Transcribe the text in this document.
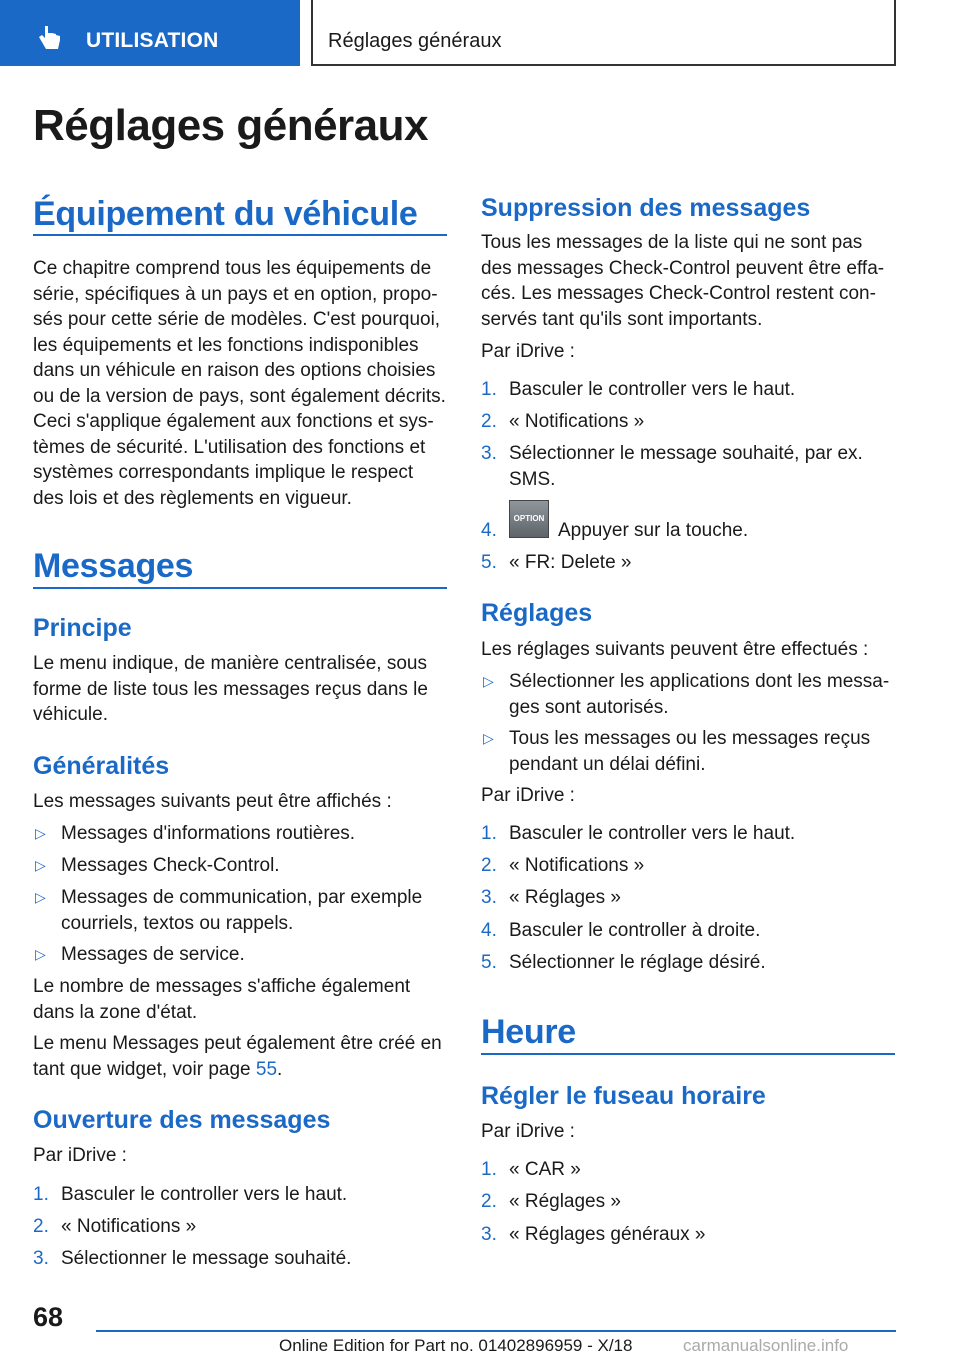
UTILISATION	Réglages généraux
Réglages généraux
Équipement du véhicule
Ce chapitre comprend tous les équipements de
série, spécifiques à un pays et en option, propo-
sés pour cette série de modèles. C'est pourquoi,
les équipements et les fonctions indisponibles
dans un véhicule en raison des options choisies
ou de la version de pays, sont également décrits.
Ceci s'applique également aux fonctions et sys-
tèmes de sécurité. L'utilisation des fonctions et
systèmes correspondants implique le respect
des lois et des règlements en vigueur.
Messages
Principe
Le menu indique, de manière centralisée, sous
forme de liste tous les messages reçus dans le
véhicule.
Généralités
Les messages suivants peut être affichés :
▷ Messages d'informations routières.
▷ Messages Check-Control.
▷ Messages de communication, par exemple
courriels, textos ou rappels.
▷ Messages de service.
Le nombre de messages s'affiche également
dans la zone d'état.
Le menu Messages peut également être créé en
tant que widget, voir page 55.
Ouverture des messages
Par iDrive :
1. Basculer le controller vers le haut.
2. « Notifications »
3. Sélectionner le message souhaité.
Suppression des messages
Tous les messages de la liste qui ne sont pas
des messages Check-Control peuvent être effa-
cés. Les messages Check-Control restent con-
servés tant qu'ils sont importants.
Par iDrive :
1. Basculer le controller vers le haut.
2. « Notifications »
3. Sélectionner le message souhaité, par ex.
SMS.
4.
OPTION
Appuyer sur la touche.
5. « FR: Delete »
Réglages
Les réglages suivants peuvent être effectués :
▷ Sélectionner les applications dont les messa-
ges sont autorisés.
▷ Tous les messages ou les messages reçus
pendant un délai défini.
Par iDrive :
1. Basculer le controller vers le haut.
2. « Notifications »
3. « Réglages »
4. Basculer le controller à droite.
5. Sélectionner le réglage désiré.
Heure
Régler le fuseau horaire
Par iDrive :
1. « CAR »
2. « Réglages »
3. « Réglages généraux »
68
Online Edition for Part no. 01402896959 - X/18	carmanualsonline.info
